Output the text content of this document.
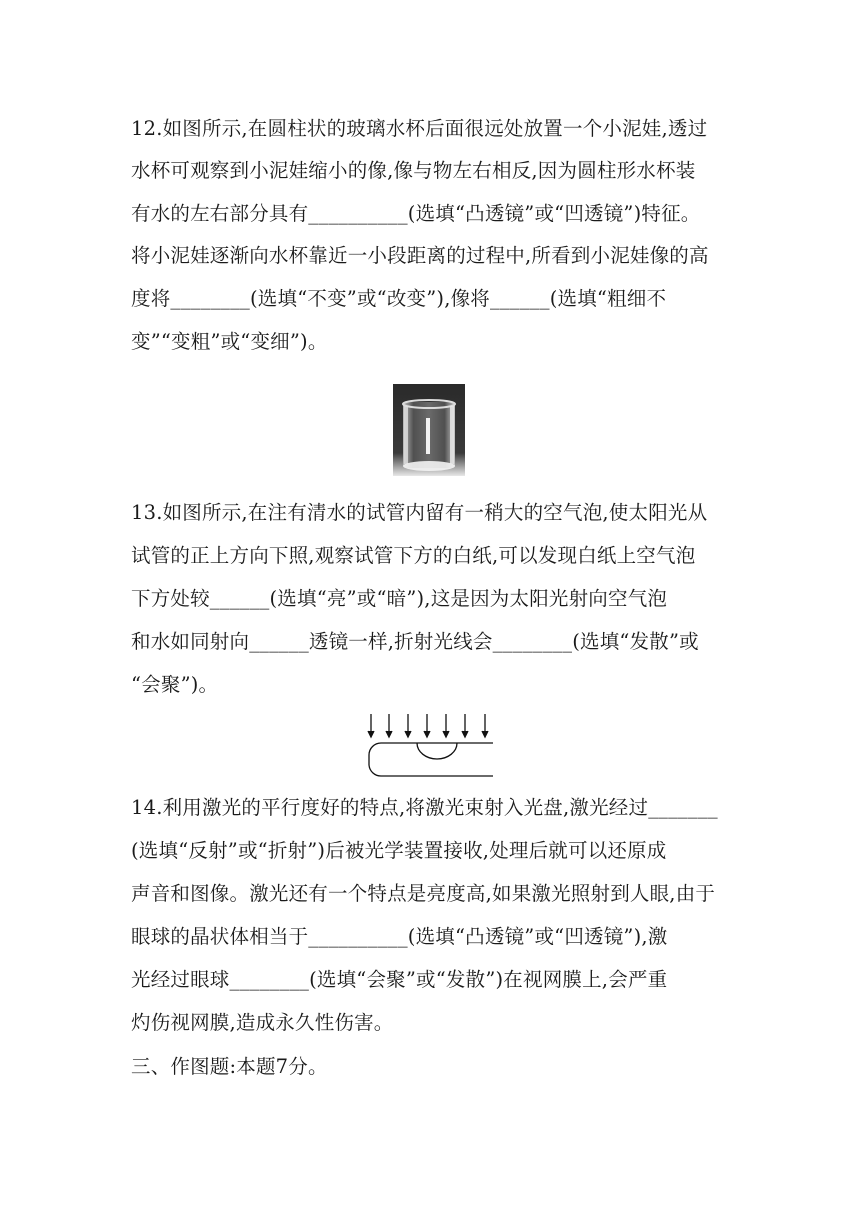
12.如图所示,在圆柱状的玻璃水杯后面很远处放置一个小泥娃,透过
水杯可观察到小泥娃缩小的像,像与物左右相反,因为圆柱形水杯装
有水的左右部分具有__________(选填“凸透镜”或“凹透镜”)特征。
将小泥娃逐渐向水杯靠近一小段距离的过程中,所看到小泥娃像的高
度将________(选填“不变”或“改变”),像将______(选填“粗细不
变”“变粗”或“变细”)。
13.如图所示,在注有清水的试管内留有一稍大的空气泡,使太阳光从
试管的正上方向下照,观察试管下方的白纸,可以发现白纸上空气泡
下方处较______(选填“亮”或“暗”),这是因为太阳光射向空气泡
和水如同射向______透镜一样,折射光线会________(选填“发散”或
“会聚”)。
14.利用激光的平行度好的特点,将激光束射入光盘,激光经过_______
(选填“反射”或“折射”)后被光学装置接收,处理后就可以还原成
声音和图像。激光还有一个特点是亮度高,如果激光照射到人眼,由于
眼球的晶状体相当于__________(选填“凸透镜”或“凹透镜”),激
光经过眼球________(选填“会聚”或“发散”)在视网膜上,会严重
灼伤视网膜,造成永久性伤害。
三、作图题:本题7分。
